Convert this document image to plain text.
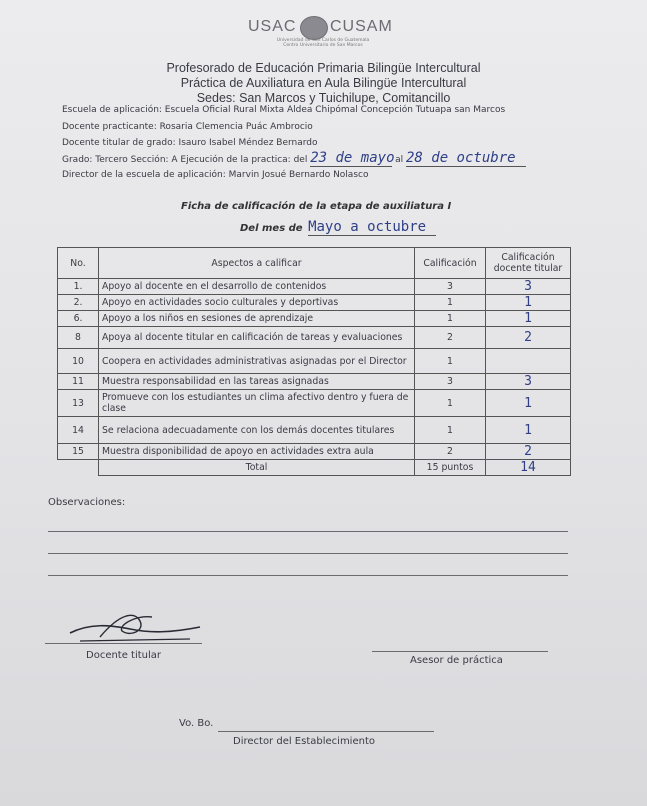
USAC CUSAM
Universidad de San Carlos de Guatemala
Centro Universitario de San Marcos
Profesorado de Educación Primaria Bilingüe Intercultural
Práctica de Auxiliatura en Aula Bilingüe Intercultural
Sedes: San Marcos y Tuichilupe, Comitancillo
Escuela de aplicación: Escuela Oficial Rural Mixta Aldea Chipómal Concepción Tutuapa san Marcos
Docente practicante: Rosaria Clemencia Puác Ambrocio
Docente titular de grado: Isauro Isabel Méndez Bernardo
Grado: Tercero Sección: A Ejecución de la practica: del 23 de mayo al 28 de octubre
Director de la escuela de aplicación: Marvin Josué Bernardo Nolasco
Ficha de calificación de la etapa de auxiliatura I
Del mes de Mayo a octubre
No.	Aspectos a calificar	Calificación	Calificación docente titular
1.	Apoyo al docente en el desarrollo de contenidos	3	3
2.	Apoyo en actividades socio culturales y deportivas	1	1
6.	Apoyo a los niños en sesiones de aprendizaje	1	1
8	Apoya al docente titular en calificación de tareas y evaluaciones	2	2
10	Coopera en actividades administrativas asignadas por el Director	1	
11	Muestra responsabilidad en las tareas asignadas	3	3
13	Promueve con los estudiantes un clima afectivo dentro y fuera de clase	1	1
14	Se relaciona adecuadamente con los demás docentes titulares	1	1
15	Muestra disponibilidad de apoyo en actividades extra aula	2	2
	Total	15 puntos	14
Observaciones:
Docente titular	Asesor de práctica
Vo. Bo.
Director del Establecimiento
